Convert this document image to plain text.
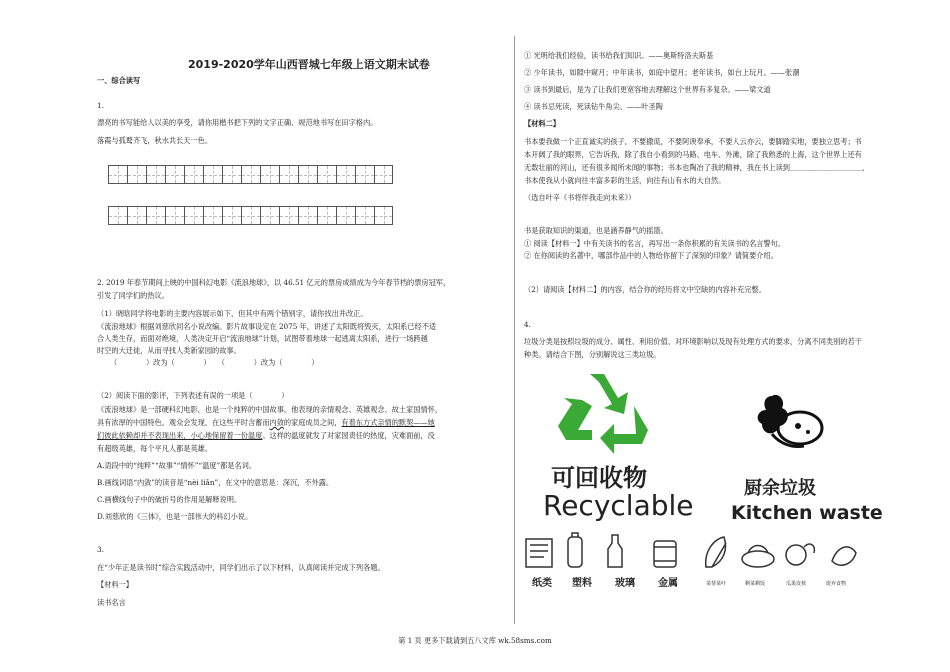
2019-2020学年山西晋城七年级上语文期末试卷
一、综合读写
1.
漂亮的书写能给人以美的享受，请你用楷书把下列的文字正确、规范地书写在田字格内。
落霞与孤鹜齐飞，秋水共长天一色。
2. 2019 年春节期间上映的中国科幻电影《流浪地球》，以 46.51 亿元的票房成绩成为今年春节档的票房冠军，
引发了同学们的热议。
（1）晓晗同学将电影的主要内容展示如下，但其中有两个错别字，请你找出并改正。
《流浪地球》根据刘慈欣同名小说改编。影片故事设定在 2075 年，讲述了太阳既将毁灭，太阳系已经不适
合人类生存，而面对绝境，人类决定开启“流浪地球”计划，试图带着地球一起逃离太阳系，进行一场跨越
时空的大迁徒，从而寻找人类新家园的故事。
（　　　　）改为（　　　　）　　（　　　　）改为（　　　　）
（2）阅读下面的影评，下列表述有误的一项是（　　　　）
《流浪地球》是一部硬科幻电影，也是一个纯粹的中国故事。他表现的亲情观念、英雄观念、故土家国情怀，
具有浓厚的中国特色。观众会发现，在这些平时含蓄而内敛的家庭成员之间，有着东方式亲情的默契——她
们彼此依赖却并不表现出来，小心地保留着一份温度。这样的温度就发了对家园责任的热度，灾难面前，没
有超级英雄，每个平凡人都是英雄。
A.语段中的“纯粹”“故事”“情怀”“温度”都是名词。
B.画线词语“内敛”的读音是“nèi liǎn”，在文中的意思是：深沉，不外露。
C.画横线句子中的破折号的作用是解释说明。
D.刘慈欣的《三体》，也是一部伟大的科幻小说。
3.
在“少年正是读书时”综合实践活动中，同学们出示了以下材料，认真阅读并完成下列各题。
【材料一】
读书名言
① 光明给我们经验，读书给我们知识。——奥斯特洛夫斯基
② 少年读书，如隙中窥月；中年读书，如庭中望月；老年读书，如台上玩月。——张潮
③ 读书到最后，是为了让我们更宽容地去理解这个世界有多复杂。——梁文道
④ 读书忌死读，死读钻牛角尖、——叶圣陶
【材料二】
书本要我做一个正直诚实的孩子，不要撒谎，不要阿谀奉承，不要人云亦云，要脚踏实地，要独立思考；书
本开阔了我的眼界，它告诉我，除了我自小看到的马路、电车、外滩，除了我熟悉的上海，这个世界上还有
无数壮丽的河山，还有很多闻所未闻的事物；书本也陶冶了我的精神，我在书上读到＿＿＿＿＿＿＿＿＿＿，
书本使我从小就向往丰富多彩的生活，向往有山有水的大自然。
（选自叶辛《书将伴我走向未来》）
书是获取知识的渠道，也是涵养静气的摇篮。
① 阅读【材料一】中有关读书的名言，再写出一条你积累的有关读书的名言警句。
② 在你阅读的名著中，哪部作品中的人物给你留下了深刻的印象？请简要介绍。
（2）请阅读【材料二】的内容，结合你的经历将文中空缺的内容补充完整。
4.
垃圾分类是按照垃圾的成分、属性、利用价值、对环境影响以及现有处理方式的要求，分离不同类别的若干
种类。请结合下图，分别解说这三类垃圾。
可回收物
Recyclable
厨余垃圾
Kitchen waste
纸类 塑料 玻璃 金属	菜帮菜叶	剩菜剩饭	瓜果皮核	废弃食物
第 1 页 更多下载请到五八文库 wk.58sms.com
